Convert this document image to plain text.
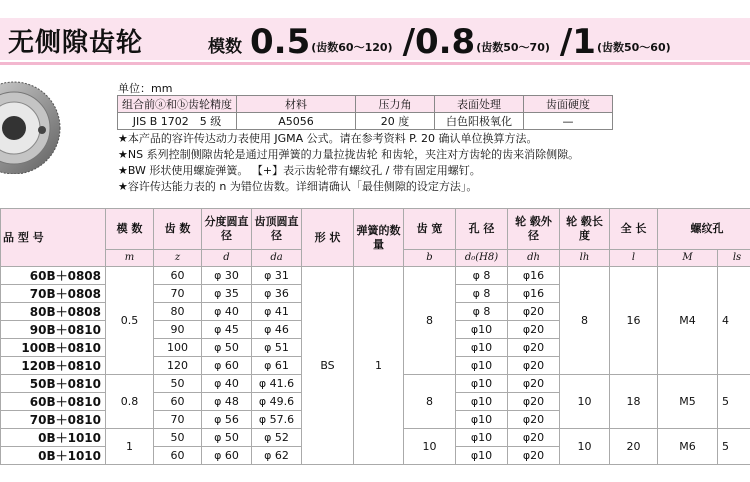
无侧隙齿轮	模数 0.5 (齿数60～120) /0.8 (齿数50～70) /1 (齿数50～60)
单位：mm
组合前ⓐ和ⓑ齿轮精度	材料	压力角	表面处理	齿面硬度
JIS B 1702　5 级	A5056	20 度	白色阳极氧化	—
★本产品的容许传达动力表使用 JGMA 公式。请在参考资料 P. 20 确认单位换算方法。
★NS 系列控制侧隙齿轮是通过用弹簧的力量拉拢齿轮 和齿轮，夹注对方齿轮的齿来消除侧隙。
★BW 形状使用螺旋弹簧。 【+】表示齿轮带有螺纹孔 / 带有固定用螺钉。
★容许传达能力表的 n 为错位齿数。详细请确认「最佳侧隙的设定方法」。
品 型 号	模 数	齿 数	分度圆直 径	齿顶圆直 径	形 状	弹簧的数 量	齿 宽	孔 径	轮 毂外 径	轮 毂长 度	全 长	螺纹孔	
	m	z	d	da			b	d₀(H8)	dh	lh	l	M	ls
60B＋0808	0.5	60	φ 30	φ 31	BS	1	8	φ 8	φ16	8	16	M4	4
70B＋0808		70	φ 35	φ 36				φ 8	φ16				
80B＋0808		80	φ 40	φ 41				φ 8	φ20				
90B＋0810		90	φ 45	φ 46				φ10	φ20				
100B＋0810		100	φ 50	φ 51				φ10	φ20				
120B＋0810		120	φ 60	φ 61				φ10	φ20				
50B＋0810	0.8	50	φ 40	φ 41.6			8	φ10	φ20	10	18	M5	5
60B＋0810		60	φ 48	φ 49.6				φ10	φ20				
70B＋0810		70	φ 56	φ 57.6				φ10	φ20				
0B＋1010	1	50	φ 50	φ 52			10	φ10	φ20	10	20	M6	5
0B＋1010		60	φ 60	φ 62				φ10	φ20				
